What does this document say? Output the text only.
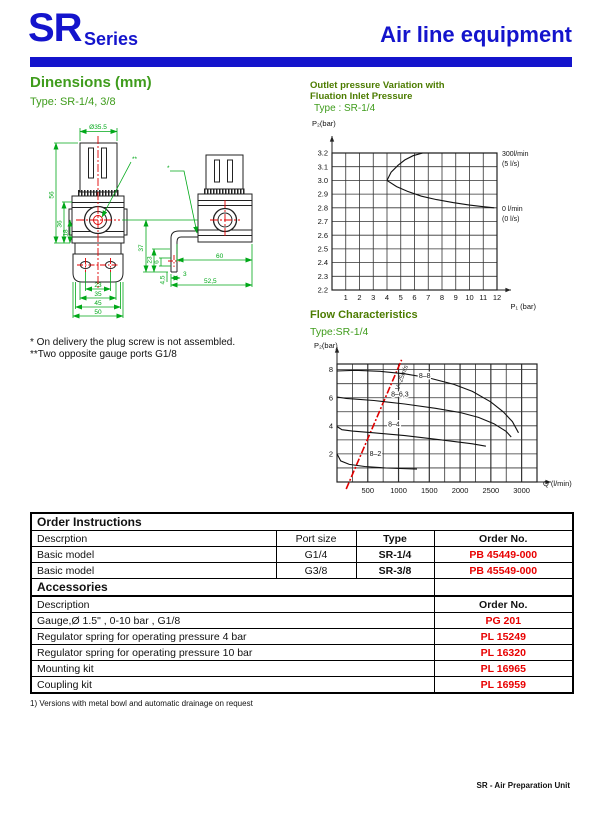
SR Series	Air line equipment
Dinensions (mm)
Type: SR-1/4, 3/8
Ø35.5
56
36
18
23
35
45
50
**
*
37
23 6
4,5
3
52,5
60
* On delivery the plug screw is not assembled.
**Two opposite gauge ports G1/8
Outlet pressure Variation with
Fluation Inlet Pressure
Type : SR-1/4
1 2 3 4 5 6 7 8 9 10 11 12
3.2
3.1
3.0
2.9
2.8
2.7
2.6
2.5
2.4
2.3
2.2
P₂(bar)
P₁ (bar)
300l/min
(5 l/s)
0 l/min
(0 l/s)
Flow Characteristics
Type:SR-1/4
500 1000 1500 2000 2500 3000
2
4
6
8
P₂(bar)
Q (l/min)
V=25m/s 8–8
8–6,3
8–4
8–2
Order Instructions			
Descrption	Port size	Type	Order No.
Basic model	G1/4	SR-1/4	PB 45449-000
Basic model	G3/8	SR-3/8	PB 45549-000
Accessories			
Description			Order No.
Gauge,Ø 1.5" , 0-10 bar , G1/8			PG 201
Regulator spring for operating pressure 4 bar			PL 15249
Regulator spring for operating pressure 10 bar			PL 16320
Mounting kit			PL 16965
Coupling kit			PL 16959
1) Versions with metal bowl and automatic drainage on request
SR - Air Preparation Unit
